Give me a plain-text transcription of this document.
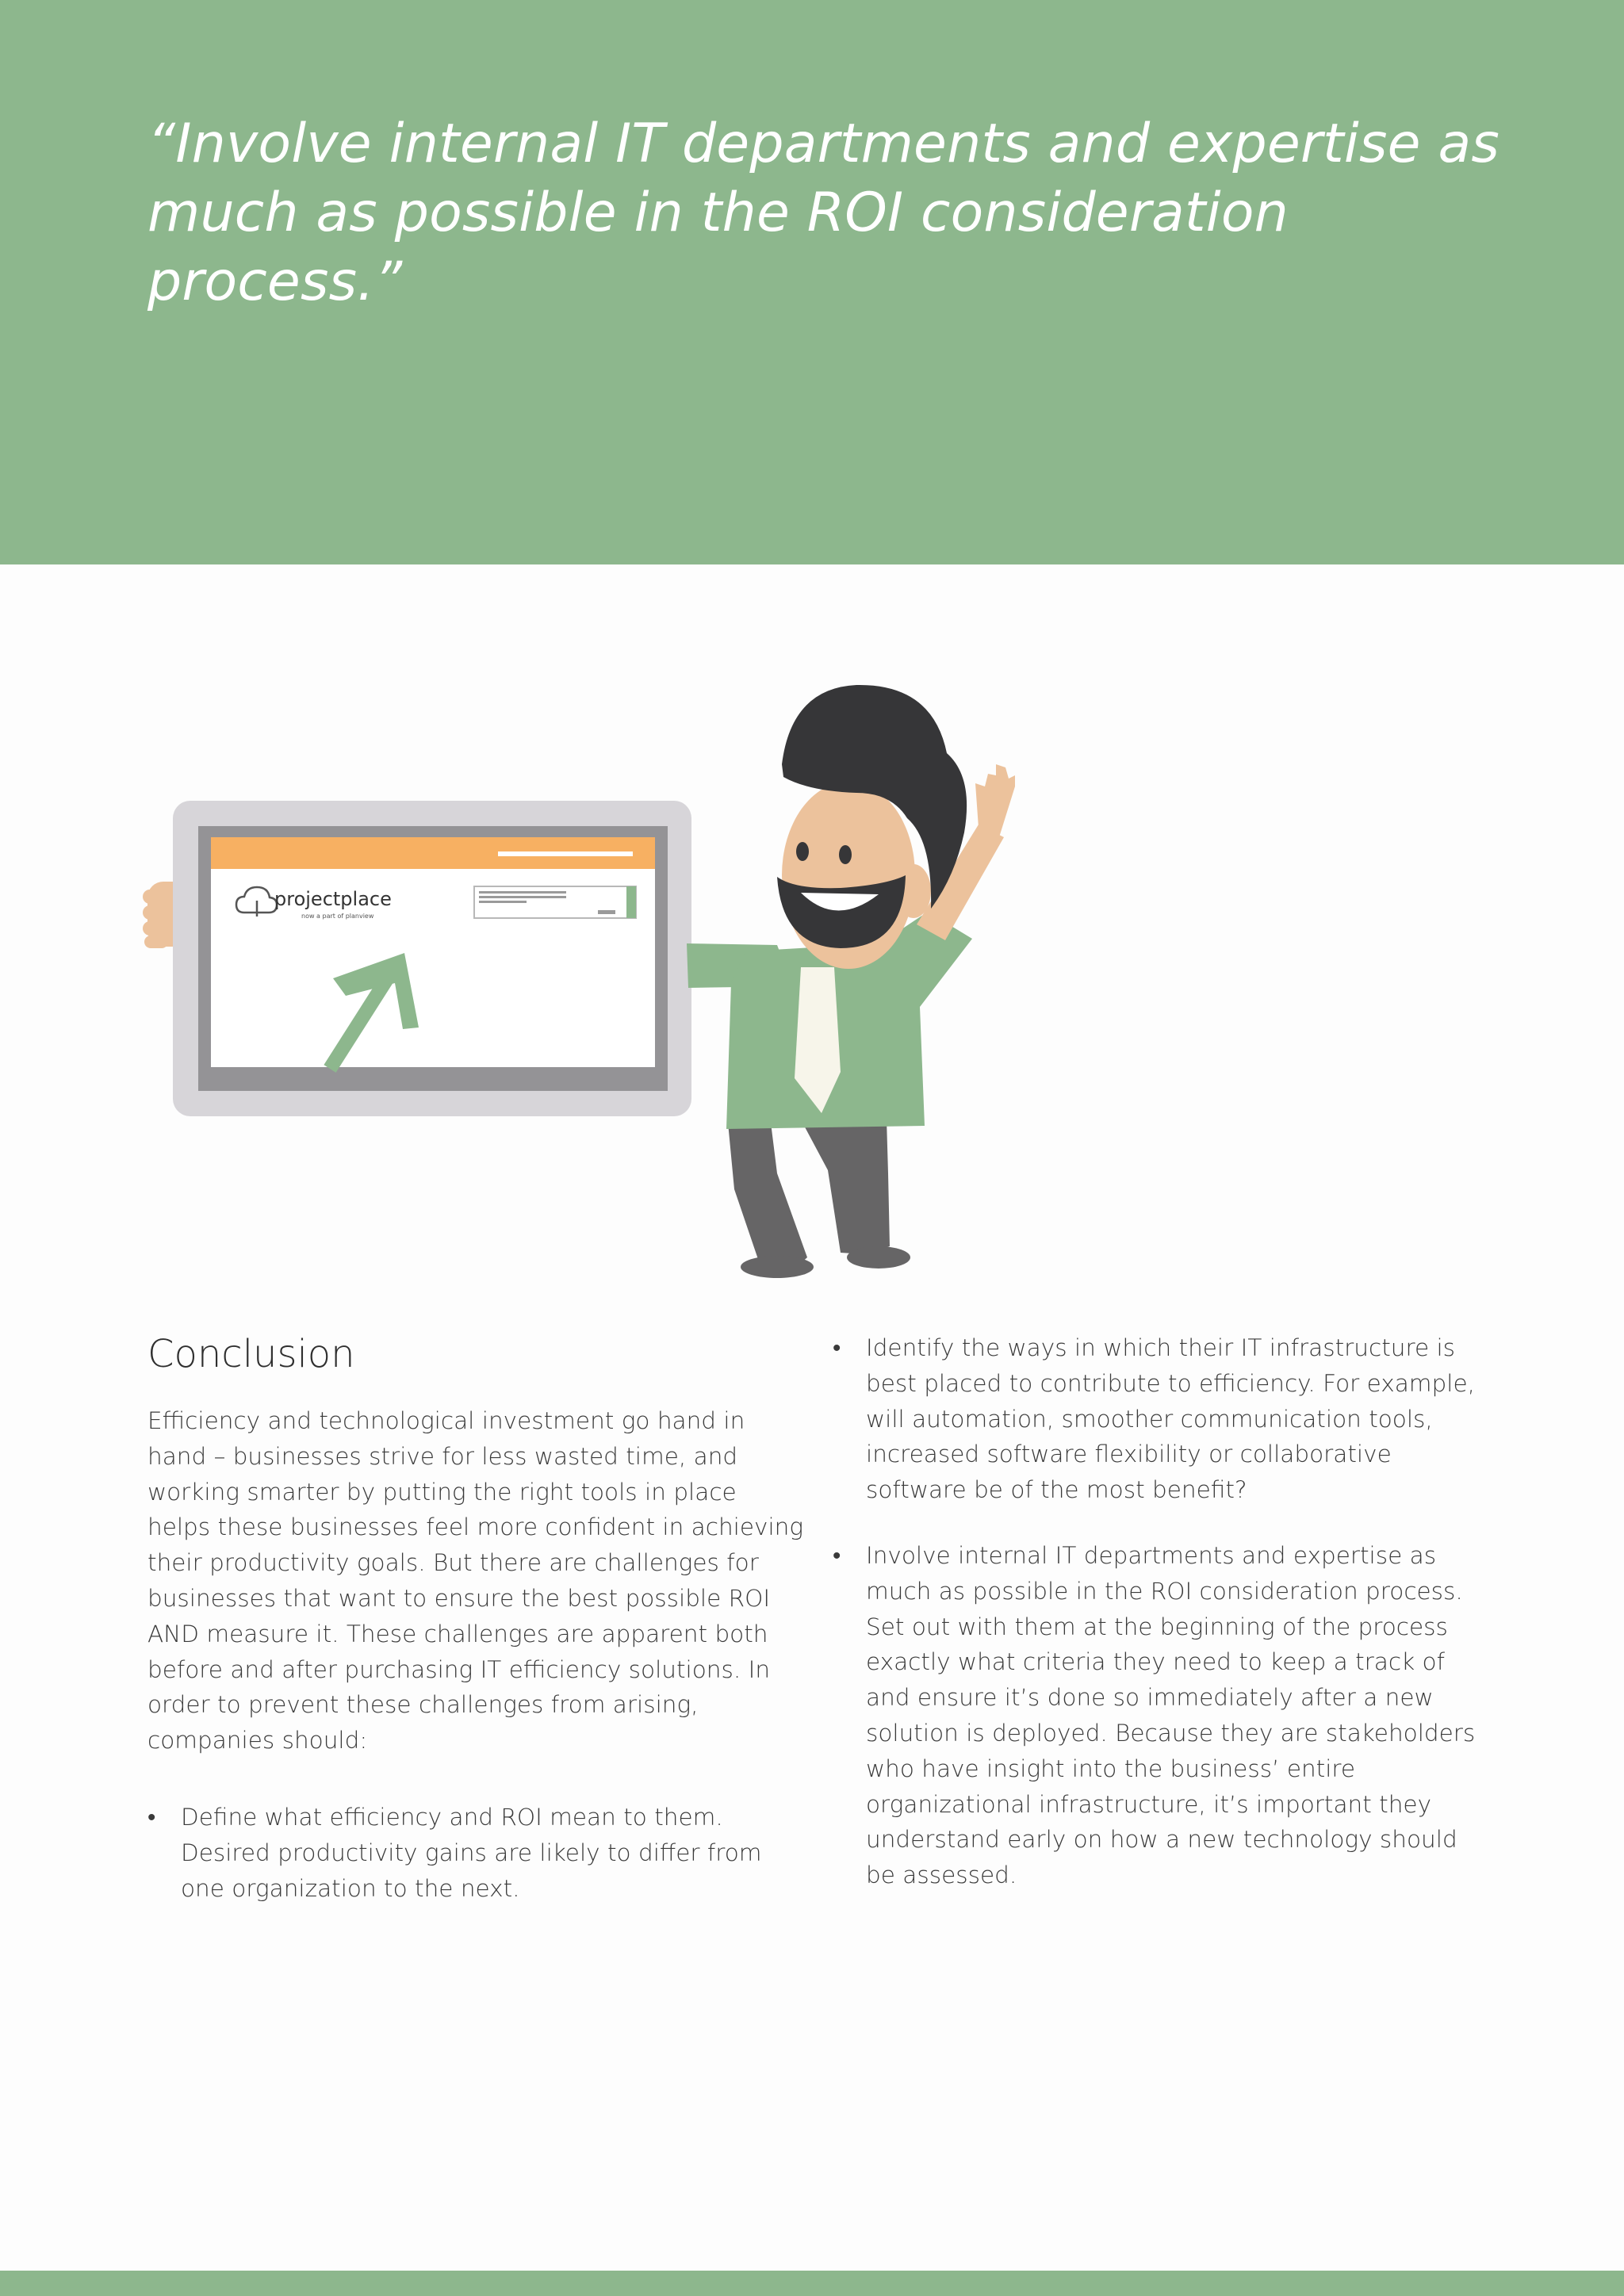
“Involve internal IT departments and expertise as much as possible in the ROI consideration process.”

projectplace
now a part of planview
Conclusion

Efficiency and technological investment go hand in hand – businesses strive for less wasted time, and working smarter by putting the right tools in place helps these businesses feel more confident in achieving their productivity goals. But there are challenges for businesses that want to ensure the best possible ROI AND measure it. These challenges are apparent both before and after purchasing IT efficiency solutions. In order to prevent these challenges from arising, companies should:

•	Define what efficiency and ROI mean to them. Desired productivity gains are likely to differ from one organization to the next.
•	Identify the ways in which their IT infrastructure is best placed to contribute to efficiency. For example, will automation, smoother communication tools, increased software flexibility or collaborative software be of the most benefit?
•	Involve internal IT departments and expertise as much as possible in the ROI consideration process. Set out with them at the beginning of the process exactly what criteria they need to keep a track of and ensure it’s done so immediately after a new solution is deployed. Because they are stakeholders who have insight into the business’ entire organizational infrastructure, it’s important they understand early on how a new technology should be assessed.
